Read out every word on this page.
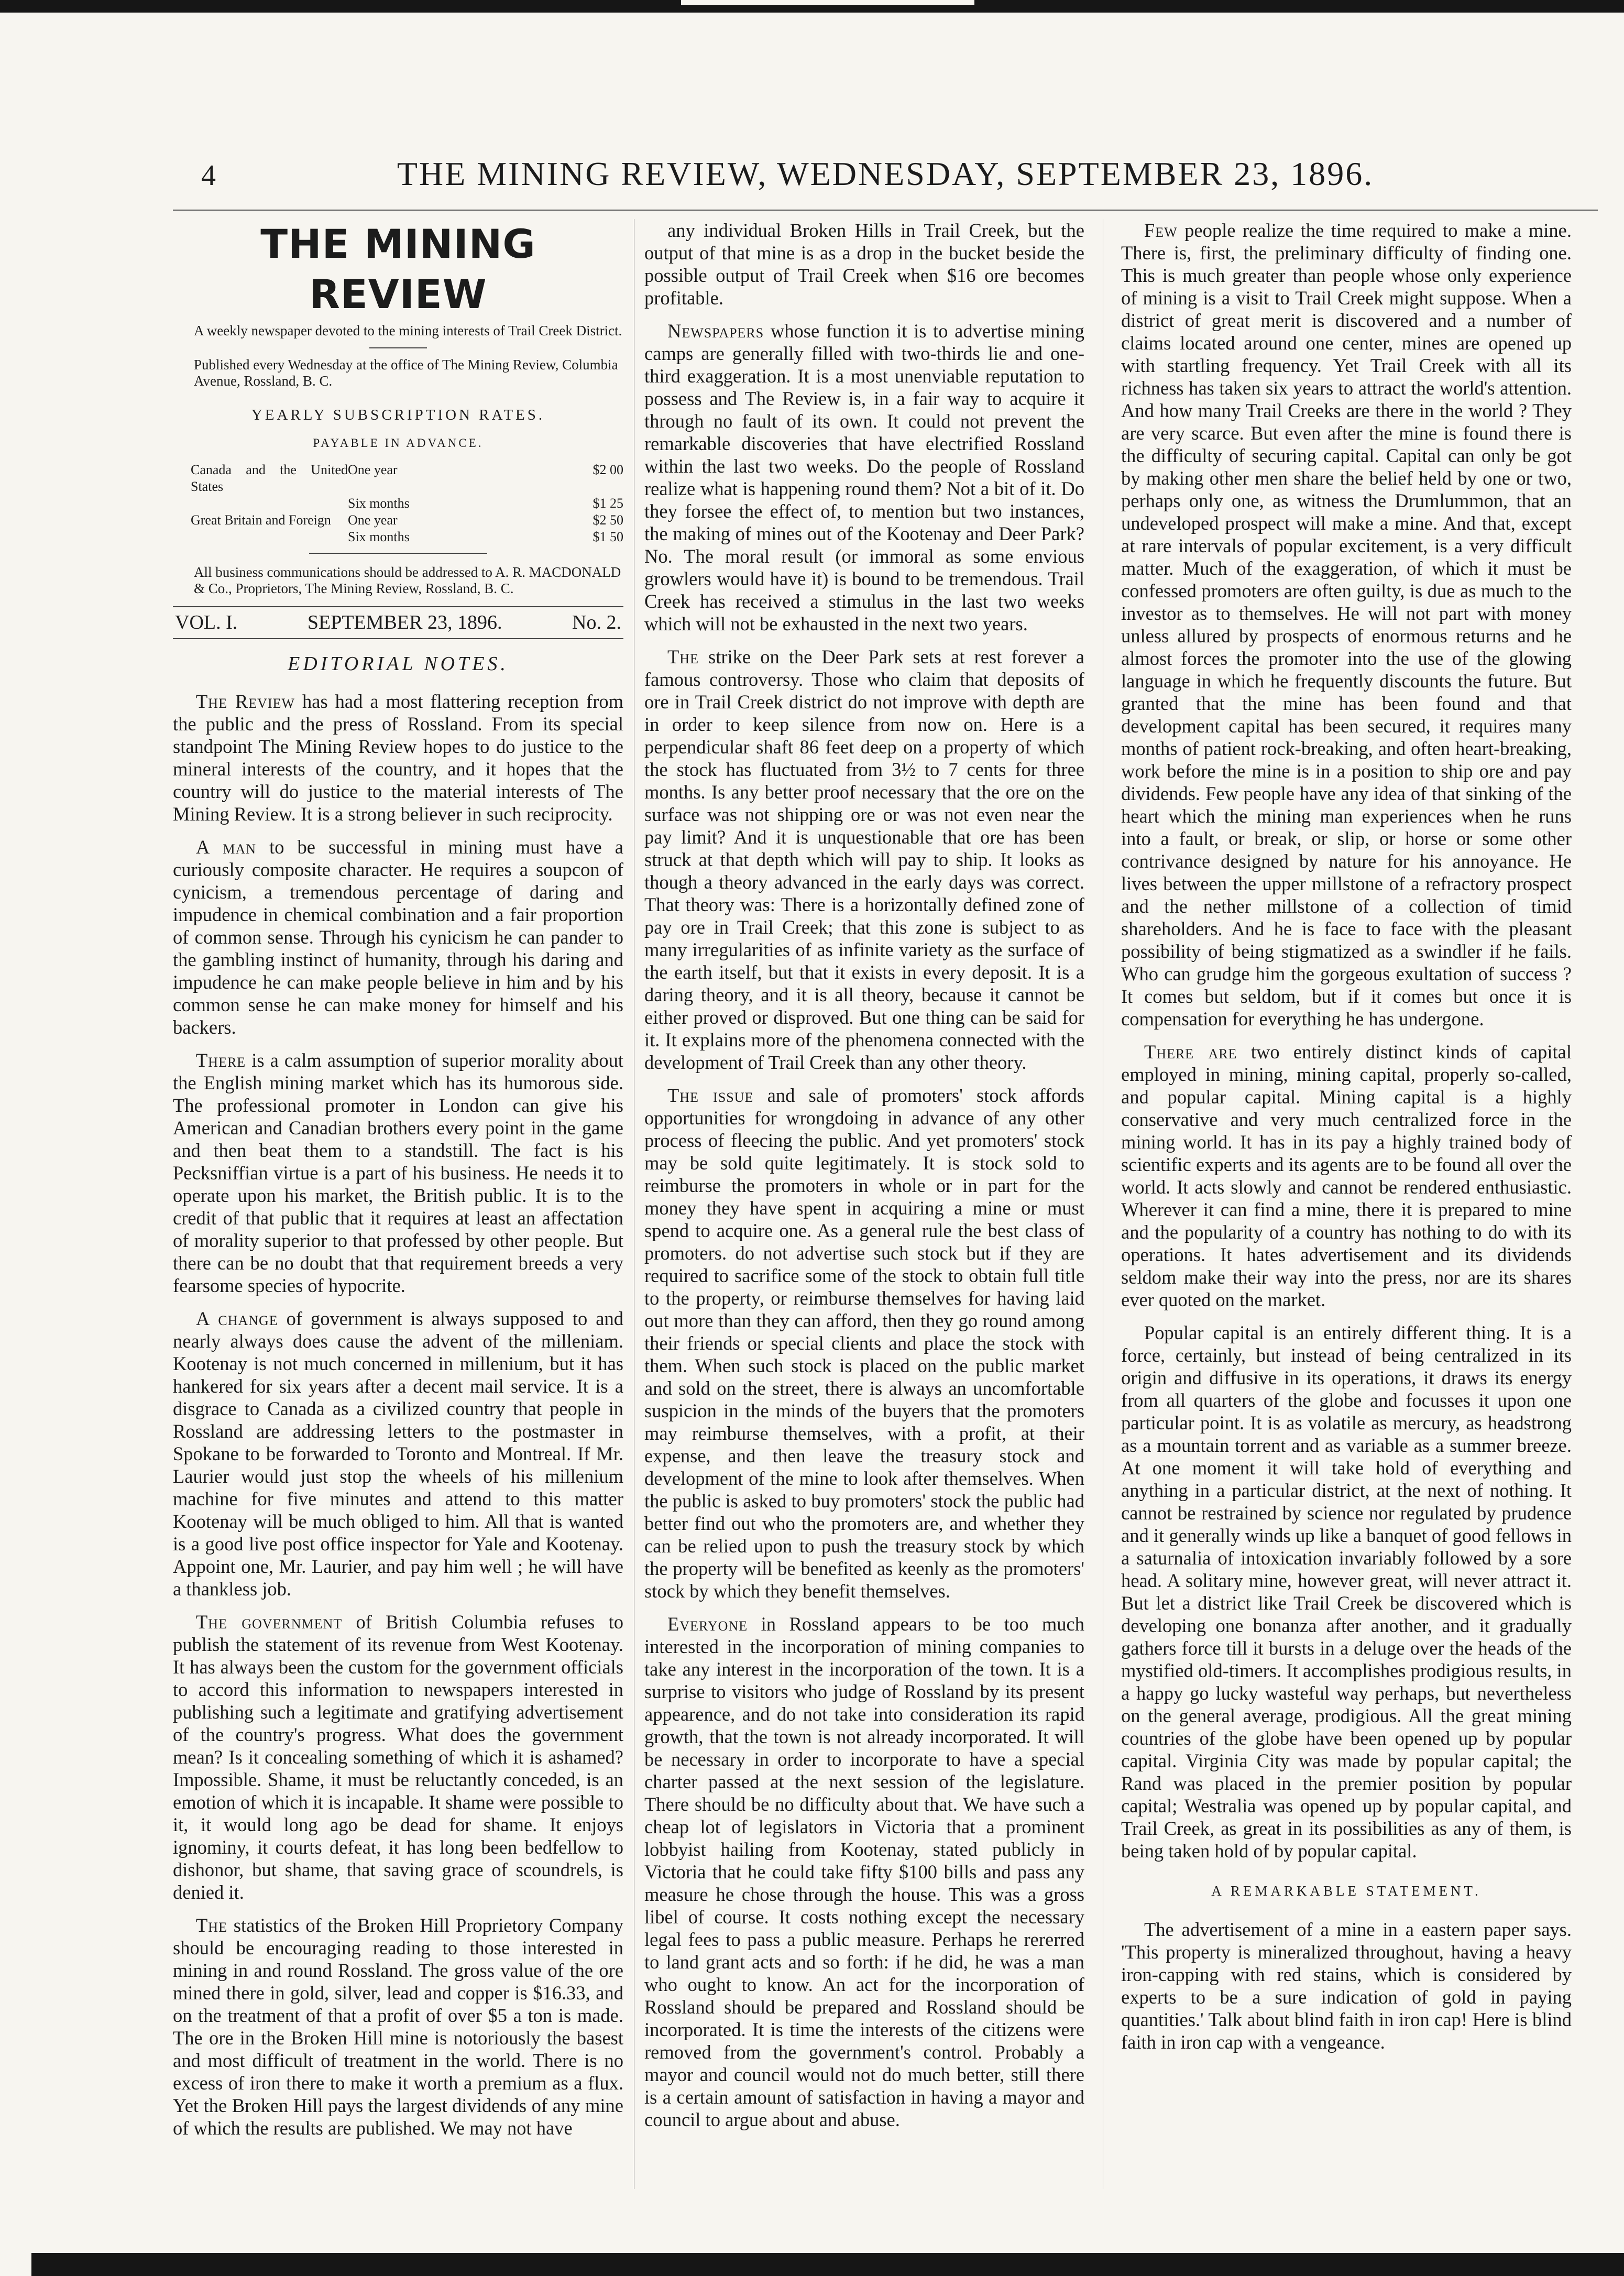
4	THE MINING REVIEW, WEDNESDAY, SEPTEMBER 23, 1896.
THE MINING REVIEW
A weekly newspaper devoted to the mining interests of Trail Creek District.
Published every Wednesday at the office of The Mining Review, Columbia Avenue, Rossland, B. C.
YEARLY SUBSCRIPTION RATES.
PAYABLE IN ADVANCE.
Canada and the United States
One year	$2 00
Six months	$1 25
Great Britain and Foreign	One year	$2 50
Six months	$1 50
All business communications should be addressed to A. R. MACDONALD & Co., Proprietors, The Mining Review, Rossland, B. C.
VOL. I.	SEPTEMBER 23, 1896.	No. 2.
EDITORIAL NOTES.

The Review has had a most flattering reception from the public and the press of Rossland. From its special standpoint The Mining Review hopes to do justice to the mineral interests of the country, and it hopes that the country will do justice to the material interests of The Mining Review. It is a strong believer in such reciprocity.

A man to be successful in mining must have a curiously composite character. He requires a soupcon of cynicism, a tremendous percentage of daring and impudence in chemical combination and a fair proportion of common sense. Through his cynicism he can pander to the gambling instinct of humanity, through his daring and impudence he can make people believe in him and by his common sense he can make money for himself and his backers.

There is a calm assumption of superior morality about the English mining market which has its humorous side. The professional promoter in London can give his American and Canadian brothers every point in the game and then beat them to a standstill. The fact is his Pecksniffian virtue is a part of his business. He needs it to operate upon his market, the British public. It is to the credit of that public that it requires at least an affectation of morality superior to that professed by other people. But there can be no doubt that that requirement breeds a very fearsome species of hypocrite.

A change of government is always supposed to and nearly always does cause the advent of the milleniam. Kootenay is not much concerned in millenium, but it has hankered for six years after a decent mail service. It is a disgrace to Canada as a civilized country that people in Rossland are addressing letters to the postmaster in Spokane to be forwarded to Toronto and Montreal. If Mr. Laurier would just stop the wheels of his millenium machine for five minutes and attend to this matter Kootenay will be much obliged to him. All that is wanted is a good live post office inspector for Yale and Kootenay. Appoint one, Mr. Laurier, and pay him well ; he will have a thankless job.

The government of British Columbia refuses to publish the statement of its revenue from West Kootenay. It has always been the custom for the government officials to accord this information to newspapers interested in publishing such a legitimate and gratifying advertisement of the country's progress. What does the government mean? Is it concealing something of which it is ashamed? Impossible. Shame, it must be reluctantly conceded, is an emotion of which it is incapable. It shame were possible to it, it would long ago be dead for shame. It enjoys ignominy, it courts defeat, it has long been bedfellow to dishonor, but shame, that saving grace of scoundrels, is denied it.

The statistics of the Broken Hill Proprietory Company should be encouraging reading to those interested in mining in and round Rossland. The gross value of the ore mined there in gold, silver, lead and copper is $16.33, and on the treatment of that a profit of over $5 a ton is made. The ore in the Broken Hill mine is notoriously the basest and most difficult of treatment in the world. There is no excess of iron there to make it worth a premium as a flux. Yet the Broken Hill pays the largest dividends of any mine of which the results are published. We may not have

any individual Broken Hills in Trail Creek, but the output of that mine is as a drop in the bucket beside the possible output of Trail Creek when $16 ore becomes profitable.

Newspapers whose function it is to advertise mining camps are generally filled with two-thirds lie and one-third exaggeration. It is a most unenviable reputation to possess and The Review is, in a fair way to acquire it through no fault of its own. It could not prevent the remarkable discoveries that have electrified Rossland within the last two weeks. Do the people of Rossland realize what is happening round them? Not a bit of it. Do they forsee the effect of, to mention but two instances, the making of mines out of the Kootenay and Deer Park? No. The moral result (or immoral as some envious growlers would have it) is bound to be tremendous. Trail Creek has received a stimulus in the last two weeks which will not be exhausted in the next two years.

The strike on the Deer Park sets at rest forever a famous controversy. Those who claim that deposits of ore in Trail Creek district do not improve with depth are in order to keep silence from now on. Here is a perpendicular shaft 86 feet deep on a property of which the stock has fluctuated from 3½ to 7 cents for three months. Is any better proof necessary that the ore on the surface was not shipping ore or was not even near the pay limit? And it is unquestionable that ore has been struck at that depth which will pay to ship. It looks as though a theory advanced in the early days was correct. That theory was: There is a horizontally defined zone of pay ore in Trail Creek; that this zone is subject to as many irregularities of as infinite variety as the surface of the earth itself, but that it exists in every deposit. It is a daring theory, and it is all theory, because it cannot be either proved or disproved. But one thing can be said for it. It explains more of the phenomena connected with the development of Trail Creek than any other theory.

The issue and sale of promoters' stock affords opportunities for wrongdoing in advance of any other process of fleecing the public. And yet promoters' stock may be sold quite legitimately. It is stock sold to reimburse the promoters in whole or in part for the money they have spent in acquiring a mine or must spend to acquire one. As a general rule the best class of promoters. do not advertise such stock but if they are required to sacrifice some of the stock to obtain full title to the property, or reimburse themselves for having laid out more than they can afford, then they go round among their friends or special clients and place the stock with them. When such stock is placed on the public market and sold on the street, there is always an uncomfortable suspicion in the minds of the buyers that the promoters may reimburse themselves, with a profit, at their expense, and then leave the treasury stock and development of the mine to look after themselves. When the public is asked to buy promoters' stock the public had better find out who the promoters are, and whether they can be relied upon to push the treasury stock by which the property will be benefited as keenly as the promoters' stock by which they benefit themselves.

Everyone in Rossland appears to be too much interested in the incorporation of mining companies to take any interest in the incorporation of the town. It is a surprise to visitors who judge of Rossland by its present appearence, and do not take into consideration its rapid growth, that the town is not already incorporated. It will be necessary in order to incorporate to have a special charter passed at the next session of the legislature. There should be no difficulty about that. We have such a cheap lot of legislators in Victoria that a prominent lobbyist hailing from Kootenay, stated publicly in Victoria that he could take fifty $100 bills and pass any measure he chose through the house. This was a gross libel of course. It costs nothing except the necessary legal fees to pass a public measure. Perhaps he rererred to land grant acts and so forth: if he did, he was a man who ought to know. An act for the incorporation of Rossland should be prepared and Rossland should be incorporated. It is time the interests of the citizens were removed from the government's control. Probably a mayor and council would not do much better, still there is a certain amount of satisfaction in having a mayor and council to argue about and abuse.

Few people realize the time required to make a mine. There is, first, the preliminary difficulty of finding one. This is much greater than people whose only experience of mining is a visit to Trail Creek might suppose. When a district of great merit is discovered and a number of claims located around one center, mines are opened up with startling frequency. Yet Trail Creek with all its richness has taken six years to attract the world's attention. And how many Trail Creeks are there in the world ? They are very scarce. But even after the mine is found there is the difficulty of securing capital. Capital can only be got by making other men share the belief held by one or two, perhaps only one, as witness the Drumlummon, that an undeveloped prospect will make a mine. And that, except at rare intervals of popular excitement, is a very difficult matter. Much of the exaggeration, of which it must be confessed promoters are often guilty, is due as much to the investor as to themselves. He will not part with money unless allured by prospects of enormous returns and he almost forces the promoter into the use of the glowing language in which he frequently discounts the future. But granted that the mine has been found and that development capital has been secured, it requires many months of patient rock-breaking, and often heart-breaking, work before the mine is in a position to ship ore and pay dividends. Few people have any idea of that sinking of the heart which the mining man experiences when he runs into a fault, or break, or slip, or horse or some other contrivance designed by nature for his annoyance. He lives between the upper millstone of a refractory prospect and the nether millstone of a collection of timid shareholders. And he is face to face with the pleasant possibility of being stigmatized as a swindler if he fails. Who can grudge him the gorgeous exultation of success ? It comes but seldom, but if it comes but once it is compensation for everything he has undergone.

There are two entirely distinct kinds of capital employed in mining, mining capital, properly so-called, and popular capital. Mining capital is a highly conservative and very much centralized force in the mining world. It has in its pay a highly trained body of scientific experts and its agents are to be found all over the world. It acts slowly and cannot be rendered enthusiastic. Wherever it can find a mine, there it is prepared to mine and the popularity of a country has nothing to do with its operations. It hates advertisement and its dividends seldom make their way into the press, nor are its shares ever quoted on the market.

Popular capital is an entirely different thing. It is a force, certainly, but instead of being centralized in its origin and diffusive in its operations, it draws its energy from all quarters of the globe and focusses it upon one particular point. It is as volatile as mercury, as headstrong as a mountain torrent and as variable as a summer breeze. At one moment it will take hold of everything and anything in a particular district, at the next of nothing. It cannot be restrained by science nor regulated by prudence and it generally winds up like a banquet of good fellows in a saturnalia of intoxication invariably followed by a sore head. A solitary mine, however great, will never attract it. But let a district like Trail Creek be discovered which is developing one bonanza after another, and it gradually gathers force till it bursts in a deluge over the heads of the mystified old-timers. It accomplishes prodigious results, in a happy go lucky wasteful way perhaps, but nevertheless on the general average, prodigious. All the great mining countries of the globe have been opened up by popular capital. Virginia City was made by popular capital; the Rand was placed in the premier position by popular capital; Westralia was opened up by popular capital, and Trail Creek, as great in its possibilities as any of them, is being taken hold of by popular capital.

A REMARKABLE STATEMENT.

The advertisement of a mine in a eastern paper says. 'This property is mineralized throughout, having a heavy iron-capping with red stains, which is considered by experts to be a sure indication of gold in paying quantities.' Talk about blind faith in iron cap! Here is blind faith in iron cap with a vengeance.
